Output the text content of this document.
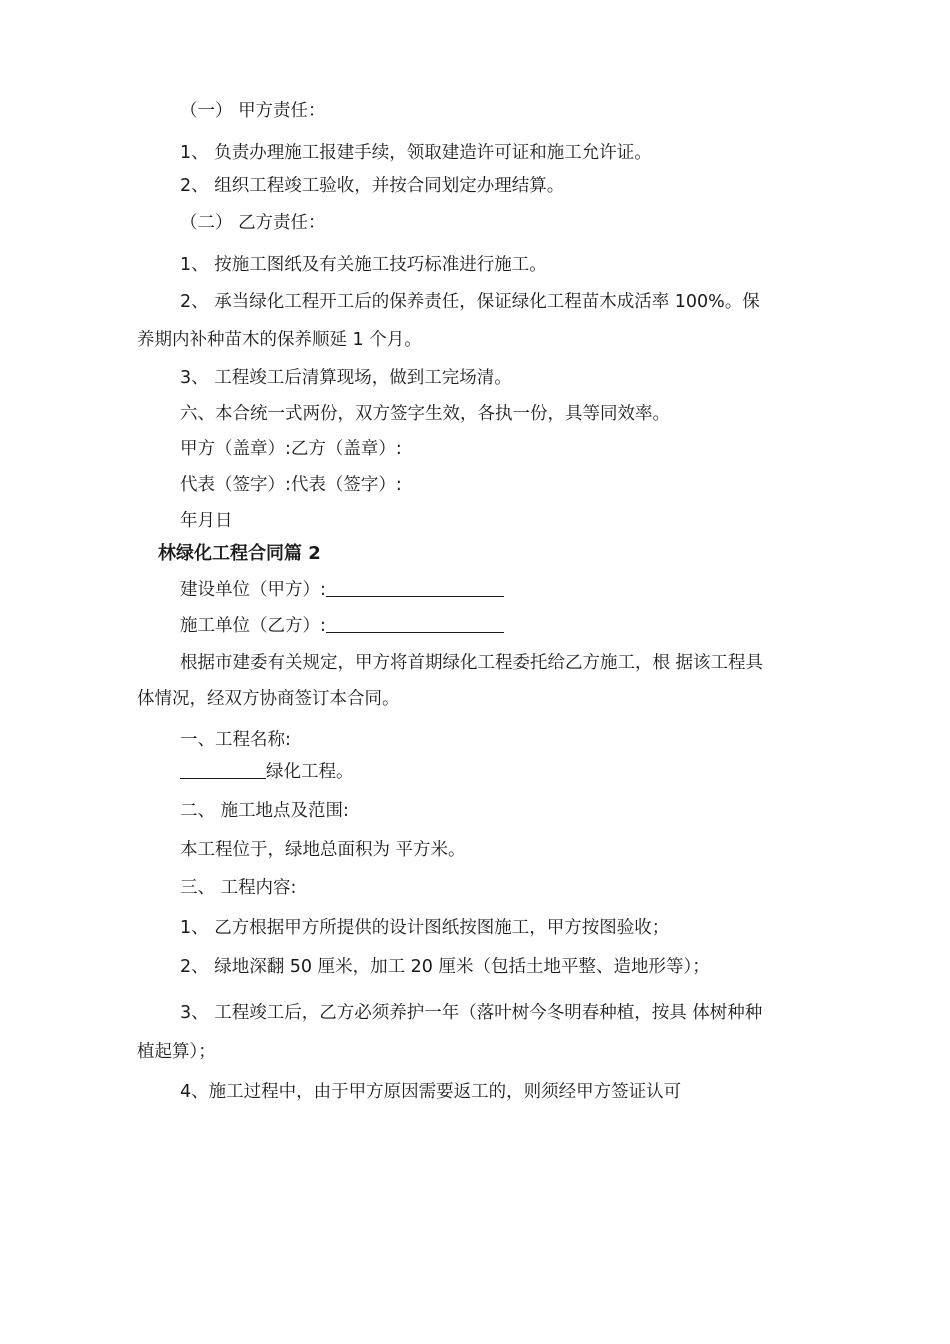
（一） 甲方责任：
1、 负责办理施工报建手续，领取建造许可证和施工允许证。
2、 组织工程竣工验收，并按合同划定办理结算。
（二） 乙方责任：
1、 按施工图纸及有关施工技巧标准进行施工。
2、 承当绿化工程开工后的保养责任，保证绿化工程苗木成活率 100%。保
养期内补种苗木的保养顺延 1 个月。
3、 工程竣工后清算现场，做到工完场清。
六、本合统一式两份，双方签字生效，各执一份，具等同效率。
甲方（盖章）:乙方（盖章）:
代表（签字）:代表（签字）:
年月日
林绿化工程合同篇 2
建设单位（甲方）:
施工单位（乙方）:
根据市建委有关规定，甲方将首期绿化工程委托给乙方施工，根 据该工程具
体情况，经双方协商签订本合同。
一、工程名称:
绿化工程。
二、 施工地点及范围:
本工程位于，绿地总面积为 平方米。
三、 工程内容:
1、 乙方根据甲方所提供的设计图纸按图施工，甲方按图验收；
2、 绿地深翻 50 厘米，加工 20 厘米（包括土地平整、造地形等）；
3、 工程竣工后，乙方必须养护一年（落叶树今冬明春种植，按具 体树种种
植起算）；
4、施工过程中，由于甲方原因需要返工的，则须经甲方签证认可
